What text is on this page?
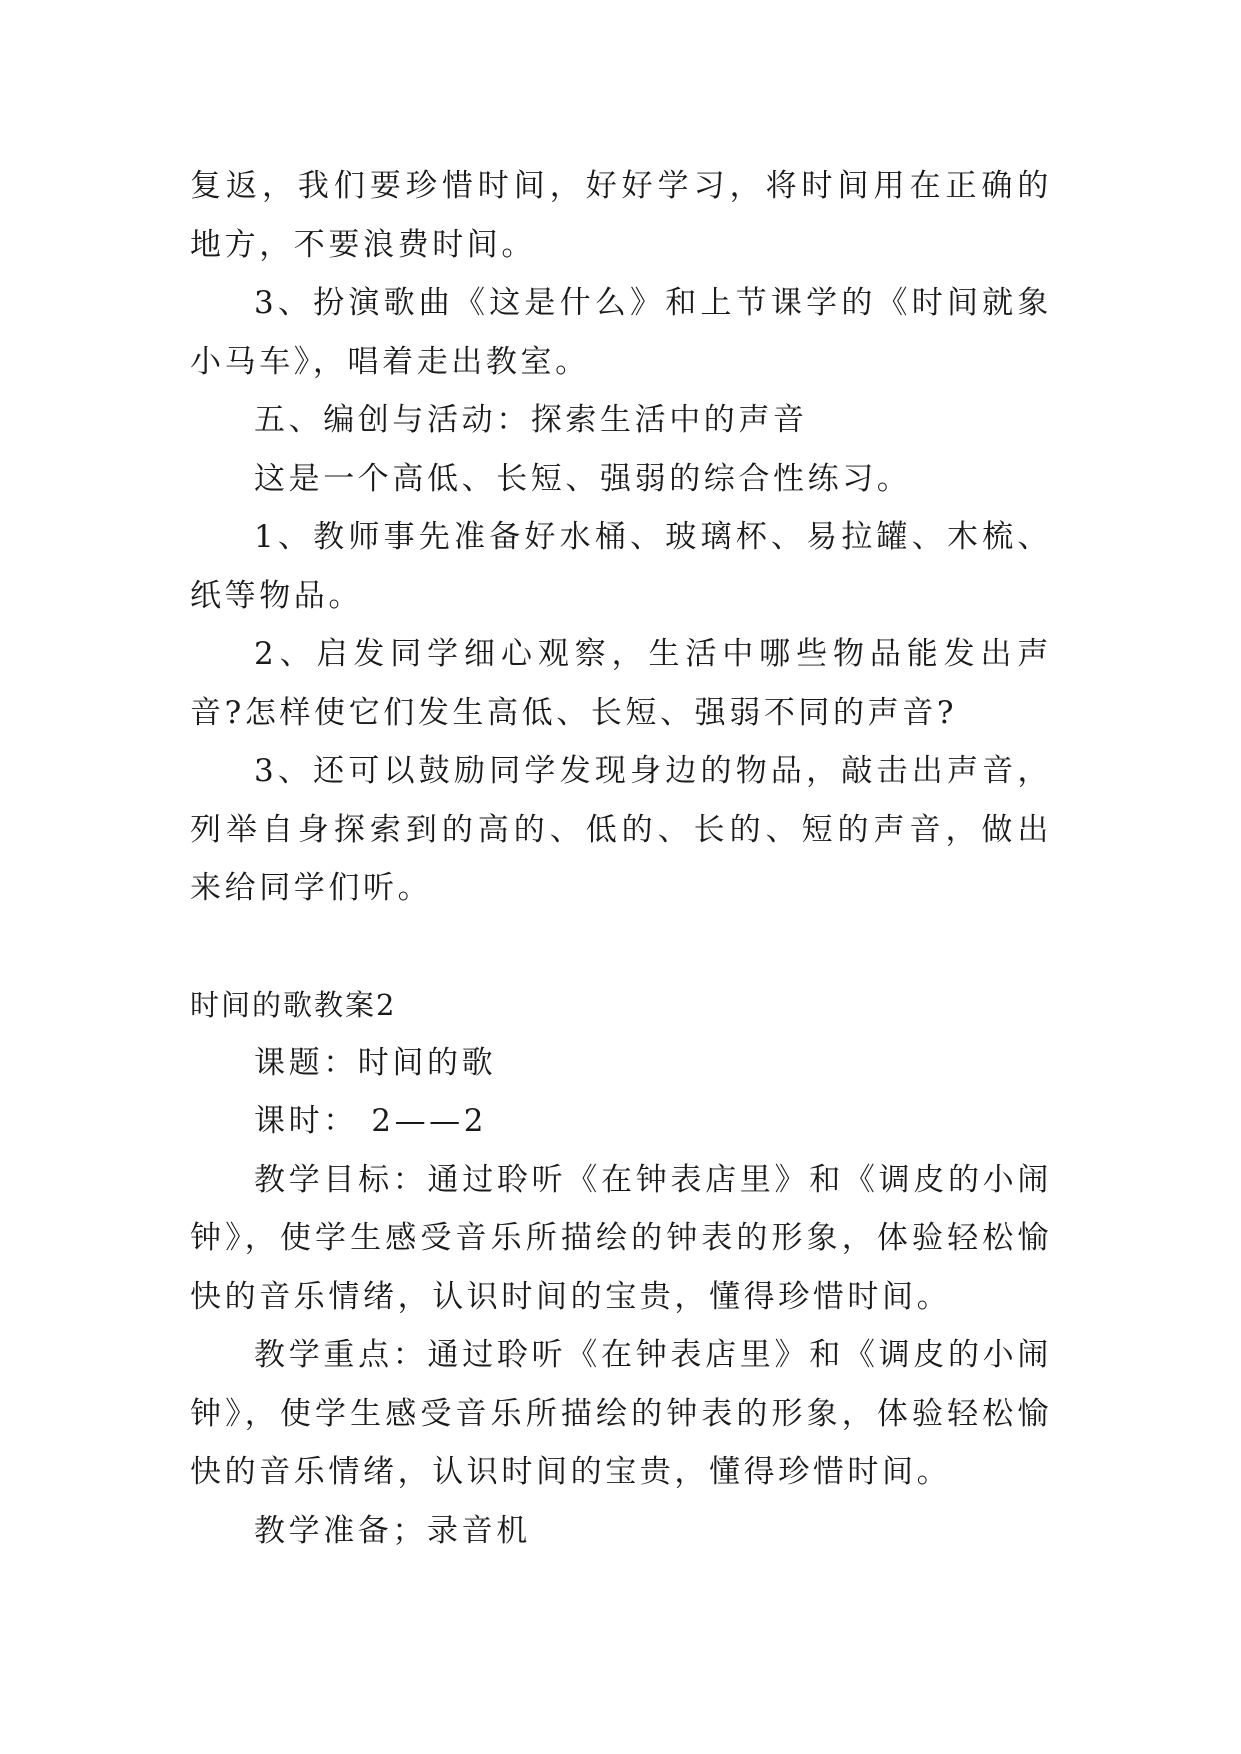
复返，我们要珍惜时间，好好学习，将时间用在正确的地方，不要浪费时间。

3、扮演歌曲《这是什么》和上节课学的《时间就象小马车》，唱着走出教室。

五、编创与活动：探索生活中的声音

这是一个高低、长短、强弱的综合性练习。

1、教师事先准备好水桶、玻璃杯、易拉罐、木梳、纸等物品。

2、启发同学细心观察，生活中哪些物品能发出声音?怎样使它们发生高低、长短、强弱不同的声音?

3、还可以鼓励同学发现身边的物品，敲击出声音，列举自身探索到的高的、低的、长的、短的声音，做出来给同学们听。

时间的歌教案2

课题：时间的歌

课时： 2——2

教学目标：通过聆听《在钟表店里》和《调皮的小闹钟》，使学生感受音乐所描绘的钟表的形象，体验轻松愉快的音乐情绪，认识时间的宝贵，懂得珍惜时间。

教学重点：通过聆听《在钟表店里》和《调皮的小闹钟》，使学生感受音乐所描绘的钟表的形象，体验轻松愉快的音乐情绪，认识时间的宝贵，懂得珍惜时间。

教学准备；录音机
